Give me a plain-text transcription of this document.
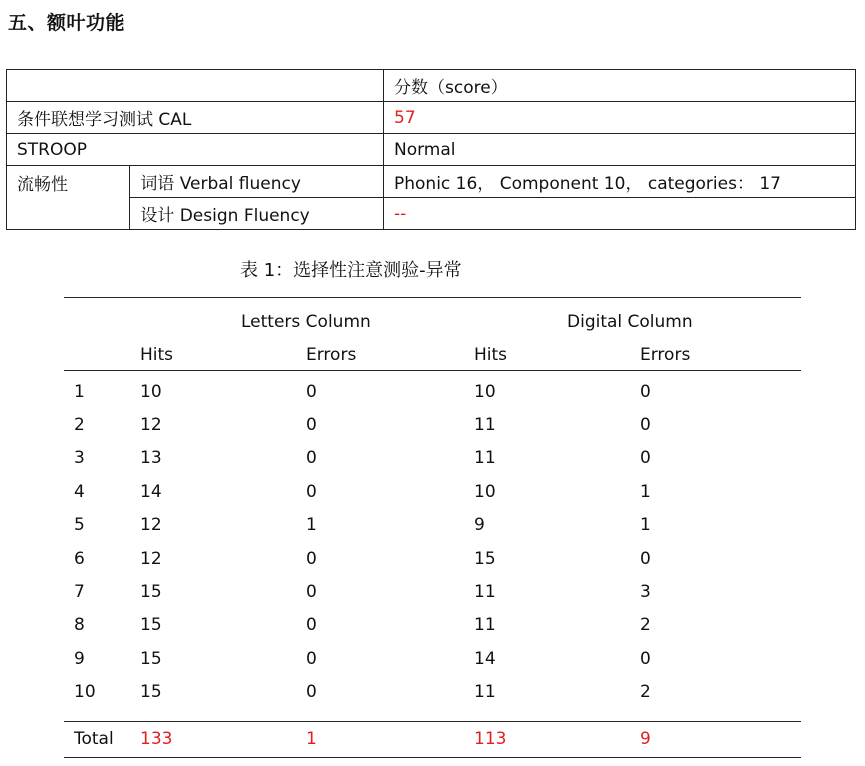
五、额叶功能
		分数（score）
条件联想学习测试 CAL		57
STROOP		Normal
流畅性	词语 Verbal fluency	Phonic 16， Component 10， categories： 17
	设计 Design Fluency	--
表 1：选择性注意测验-异常
	Letters Column		Digital Column	
	Hits	Errors	Hits	Errors
1	10	0	10	0
2	12	0	11	0
3	13	0	11	0
4	14	0	10	1
5	12	1	9	1
6	12	0	15	0
7	15	0	11	3
8	15	0	11	2
9	15	0	14	0
10	15	0	11	2

Total	133	1	113	9
